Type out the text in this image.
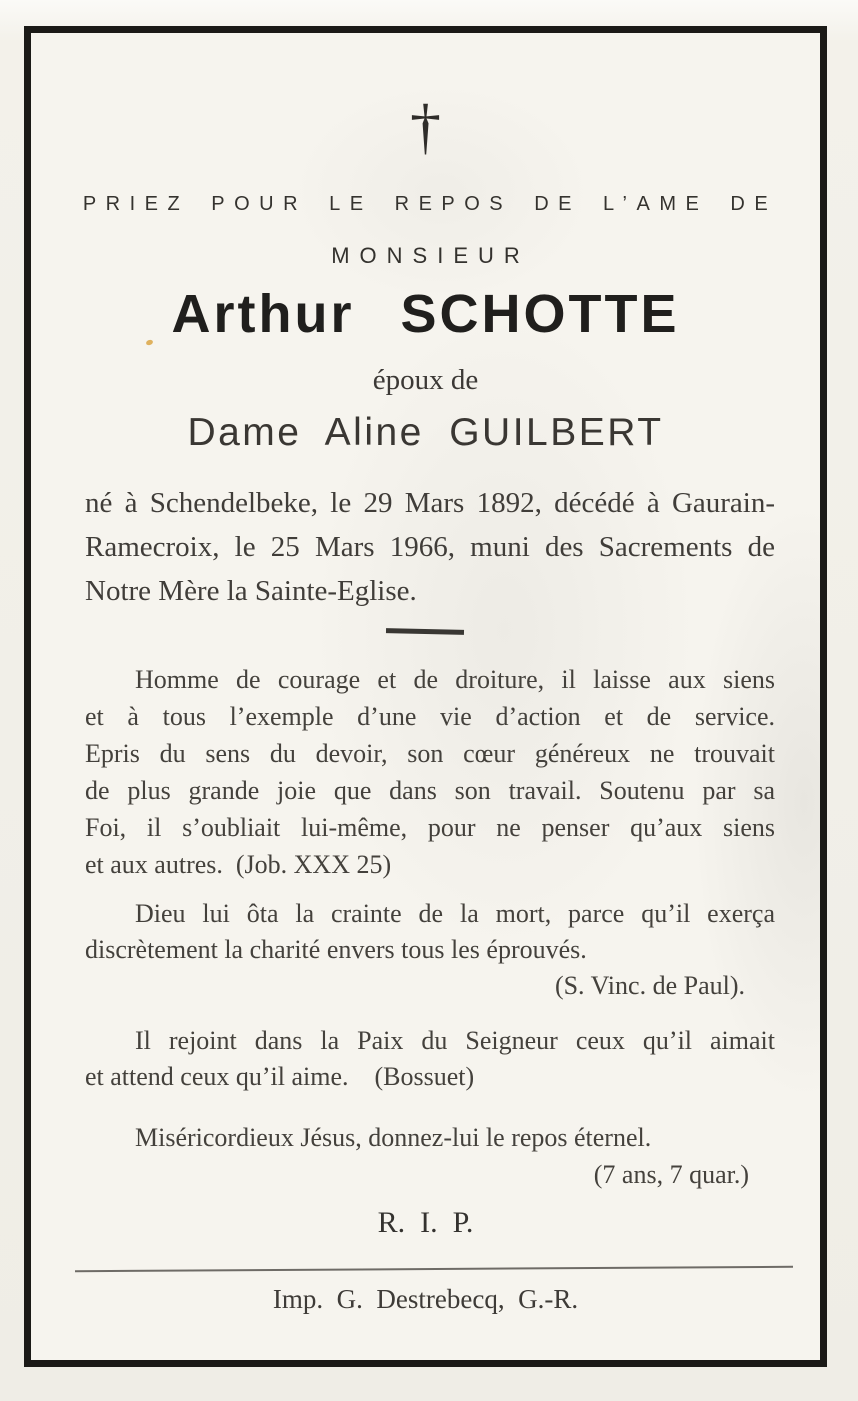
†
PRIEZ POUR LE REPOS DE L’AME DE
MONSIEUR
Arthur SCHOTTE
époux de
Dame Aline GUILBERT
né à Schendelbeke, le 29 Mars 1892, décédé à Gaurain-
Ramecroix, le 25 Mars 1966, muni des Sacrements de
Notre Mère la Sainte-Eglise.
Homme de courage et de droiture, il laisse aux siens
et à tous l’exemple d’une vie d’action et de service.
Epris du sens du devoir, son cœur généreux ne trouvait
de plus grande joie que dans son travail. Soutenu par sa
Foi, il s’oubliait lui-même, pour ne penser qu’aux siens
et aux autres. (Job. XXX 25)
Dieu lui ôta la crainte de la mort, parce qu’il exerça
discrètement la charité envers tous les éprouvés.
(S. Vinc. de Paul).
Il rejoint dans la Paix du Seigneur ceux qu’il aimait
et attend ceux qu’il aime. (Bossuet)
Miséricordieux Jésus, donnez-lui le repos éternel.
(7 ans, 7 quar.)
R. I. P.
Imp. G. Destrebecq, G.-R.
